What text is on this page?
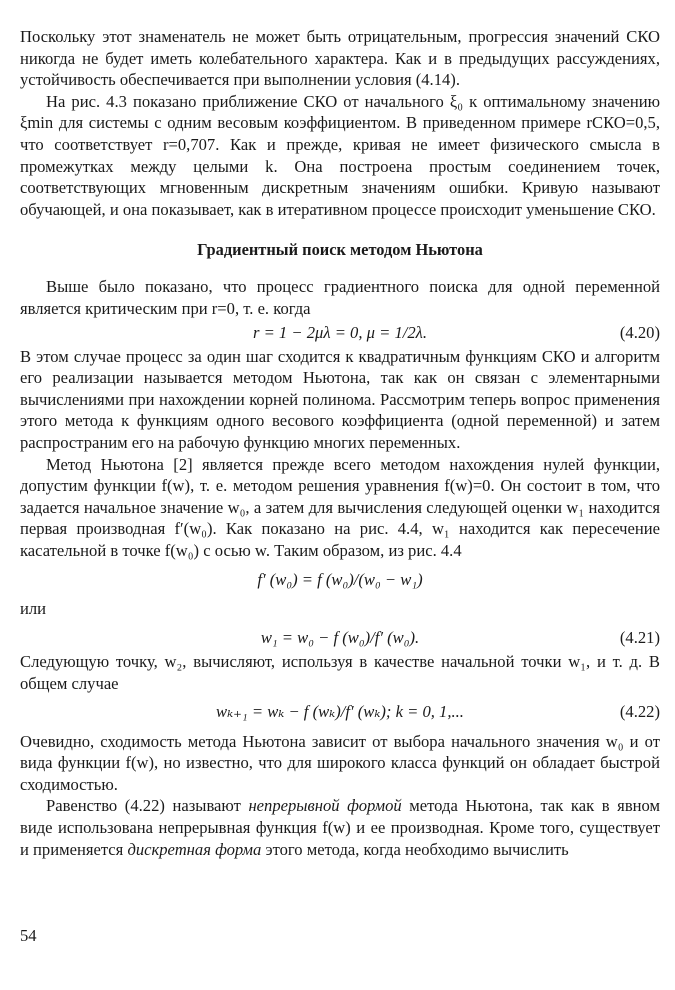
Поскольку этот знаменатель не может быть отрицательным, прогрессия значений СКО никогда не будет иметь колебательного характера. Как и в предыдущих рассуждениях, устойчивость обеспечивается при выполнении условия (4.14).

На рис. 4.3 показано приближение СКО от начального ξ₀ к оптимальному значению ξmin для системы с одним весовым коэффициентом. В приведенном примере rСКО=0,5, что соответствует r=0,707. Как и прежде, кривая не имеет физического смысла в промежутках между целыми k. Она построена простым соединением точек, соответствующих мгновенным дискретным значениям ошибки. Кривую называют обучающей, и она показывает, как в итеративном процессе происходит уменьшение СКО.

Градиентный поиск методом Ньютона

Выше было показано, что процесс градиентного поиска для одной переменной является критическим при r=0, т. е. когда

r = 1 − 2μλ = 0, μ = 1/2λ.	(4.20)

В этом случае процесс за один шаг сходится к квадратичным функциям СКО и алгоритм его реализации называется методом Ньютона, так как он связан с элементарными вычислениями при нахождении корней полинома. Рассмотрим теперь вопрос применения этого метода к функциям одного весового коэффициента (одной переменной) и затем распространим его на рабочую функцию многих переменных.

Метод Ньютона [2] является прежде всего методом нахождения нулей функции, допустим функции f(w), т. е. методом решения уравнения f(w)=0. Он состоит в том, что задается начальное значение w₀, а затем для вычисления следующей оценки w₁ находится первая производная f′(w₀). Как показано на рис. 4.4, w₁ находится как пересечение касательной в точке f(w₀) с осью w. Таким образом, из рис. 4.4

f′ (w₀) = f (w₀)/(w₀ − w₁)
или
w₁ = w₀ − f (w₀)/f′ (w₀).	(4.21)

Следующую точку, w₂, вычисляют, используя в качестве начальной точки w₁, и т. д. В общем случае

wₖ₊₁ = wₖ − f (wₖ)/f′ (wₖ); k = 0, 1,...	(4.22)

Очевидно, сходимость метода Ньютона зависит от выбора начального значения w₀ и от вида функции f(w), но известно, что для широкого класса функций он обладает быстрой сходимостью.

Равенство (4.22) называют непрерывной формой метода Ньютона, так как в явном виде использована непрерывная функция f(w) и ее производная. Кроме того, существует и применяется дискретная форма этого метода, когда необходимо вычислить

54
